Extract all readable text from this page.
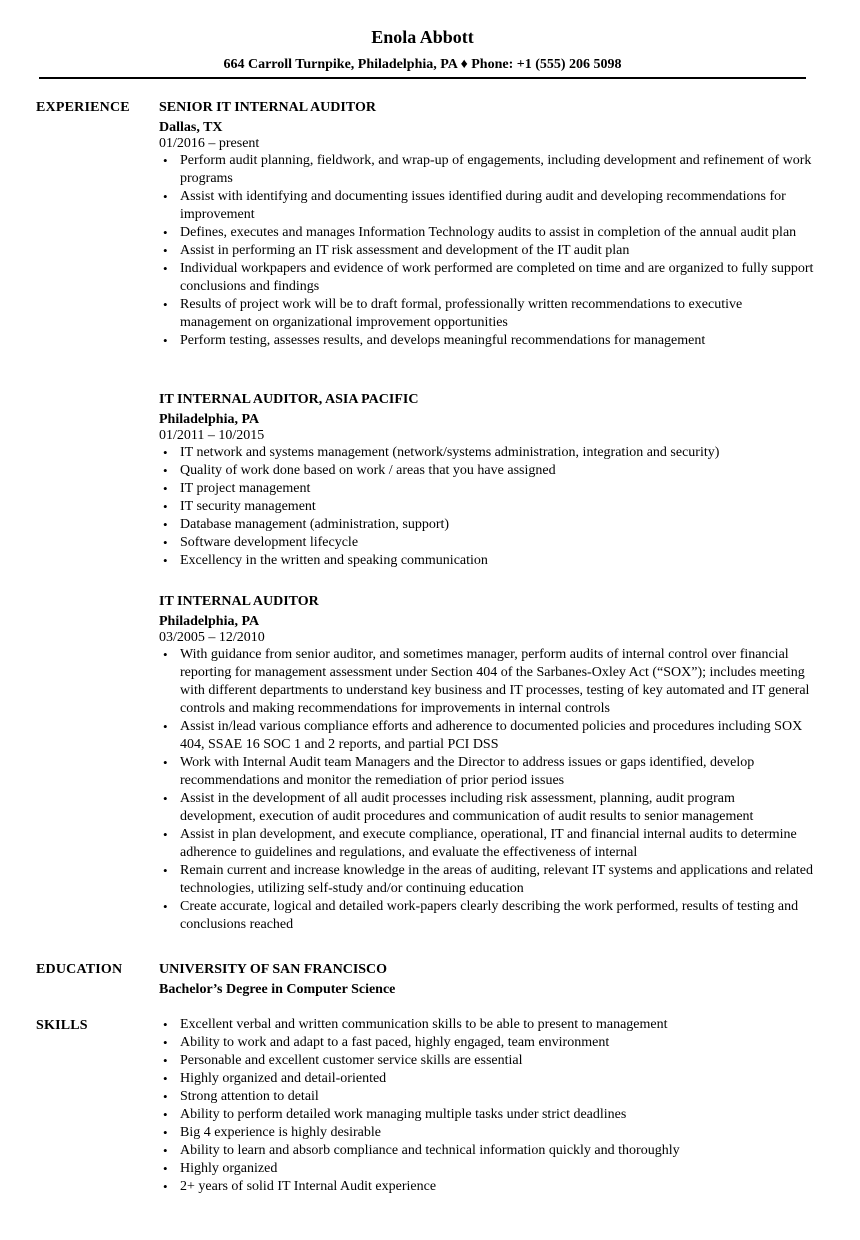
Enola Abbott
664 Carroll Turnpike, Philadelphia, PA ♦ Phone: +1 (555) 206 5098
EXPERIENCE SENIOR IT INTERNAL AUDITOR
Dallas, TX
01/2016 – present
• Perform audit planning, fieldwork, and wrap-up of engagements, including development and refinement of work programs
• Assist with identifying and documenting issues identified during audit and developing recommendations for improvement
• Defines, executes and manages Information Technology audits to assist in completion of the annual audit plan
• Assist in performing an IT risk assessment and development of the IT audit plan
• Individual workpapers and evidence of work performed are completed on time and are organized to fully support conclusions and findings
• Results of project work will be to draft formal, professionally written recommendations to executive management on organizational improvement opportunities
• Perform testing, assesses results, and develops meaningful recommendations for management
IT INTERNAL AUDITOR, ASIA PACIFIC
Philadelphia, PA
01/2011 – 10/2015
• IT network and systems management (network/systems administration, integration and security)
• Quality of work done based on work / areas that you have assigned
• IT project management
• IT security management
• Database management (administration, support)
• Software development lifecycle
• Excellency in the written and speaking communication
IT INTERNAL AUDITOR
Philadelphia, PA
03/2005 – 12/2010
• With guidance from senior auditor, and sometimes manager, perform audits of internal control over financial reporting for management assessment under Section 404 of the Sarbanes-Oxley Act (“SOX”); includes meeting with different departments to understand key business and IT processes, testing of key automated and IT general controls and making recommendations for improvements in internal controls
• Assist in/lead various compliance efforts and adherence to documented policies and procedures including SOX 404, SSAE 16 SOC 1 and 2 reports, and partial PCI DSS
• Work with Internal Audit team Managers and the Director to address issues or gaps identified, develop recommendations and monitor the remediation of prior period issues
• Assist in the development of all audit processes including risk assessment, planning, audit program development, execution of audit procedures and communication of audit results to senior management
• Assist in plan development, and execute compliance, operational, IT and financial internal audits to determine adherence to guidelines and regulations, and evaluate the effectiveness of internal
• Remain current and increase knowledge in the areas of auditing, relevant IT systems and applications and related technologies, utilizing self-study and/or continuing education
• Create accurate, logical and detailed work-papers clearly describing the work performed, results of testing and conclusions reached
EDUCATION	UNIVERSITY OF SAN FRANCISCO
Bachelor’s Degree in Computer Science
SKILLS
•	Excellent verbal and written communication skills to be able to present to management
• Ability to work and adapt to a fast paced, highly engaged, team environment
• Personable and excellent customer service skills are essential
• Highly organized and detail-oriented
• Strong attention to detail
• Ability to perform detailed work managing multiple tasks under strict deadlines
• Big 4 experience is highly desirable
• Ability to learn and absorb compliance and technical information quickly and thoroughly
• Highly organized
• 2+ years of solid IT Internal Audit experience
